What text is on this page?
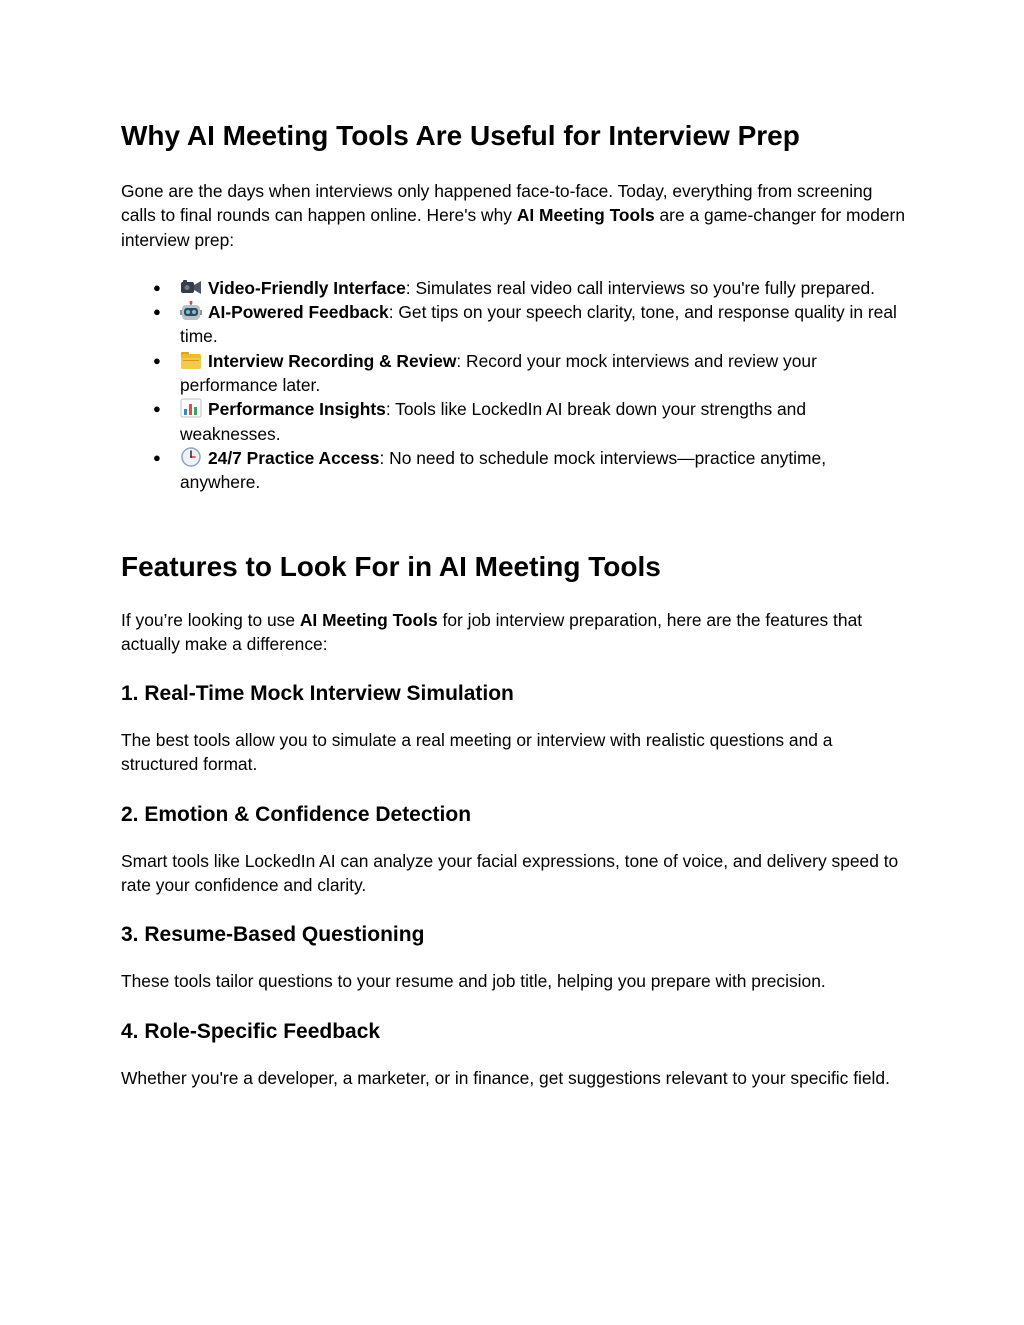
Why AI Meeting Tools Are Useful for Interview Prep

Gone are the days when interviews only happened face-to-face. Today, everything from screening calls to final rounds can happen online. Here's why AI Meeting Tools are a game-changer for modern interview prep:

●	Video-Friendly Interface: Simulates real video call interviews so you're fully prepared.
●	AI-Powered Feedback: Get tips on your speech clarity, tone, and response quality in real time.
●	Interview Recording & Review: Record your mock interviews and review your performance later.
●	Performance Insights: Tools like LockedIn AI break down your strengths and weaknesses.
●	24/7 Practice Access: No need to schedule mock interviews—practice anytime, anywhere.
Features to Look For in AI Meeting Tools

If you’re looking to use AI Meeting Tools for job interview preparation, here are the features that actually make a difference:

1. Real-Time Mock Interview Simulation

The best tools allow you to simulate a real meeting or interview with realistic questions and a structured format.

2. Emotion & Confidence Detection

Smart tools like LockedIn AI can analyze your facial expressions, tone of voice, and delivery speed to rate your confidence and clarity.

3. Resume-Based Questioning

These tools tailor questions to your resume and job title, helping you prepare with precision.

4. Role-Specific Feedback

Whether you're a developer, a marketer, or in finance, get suggestions relevant to your specific field.
